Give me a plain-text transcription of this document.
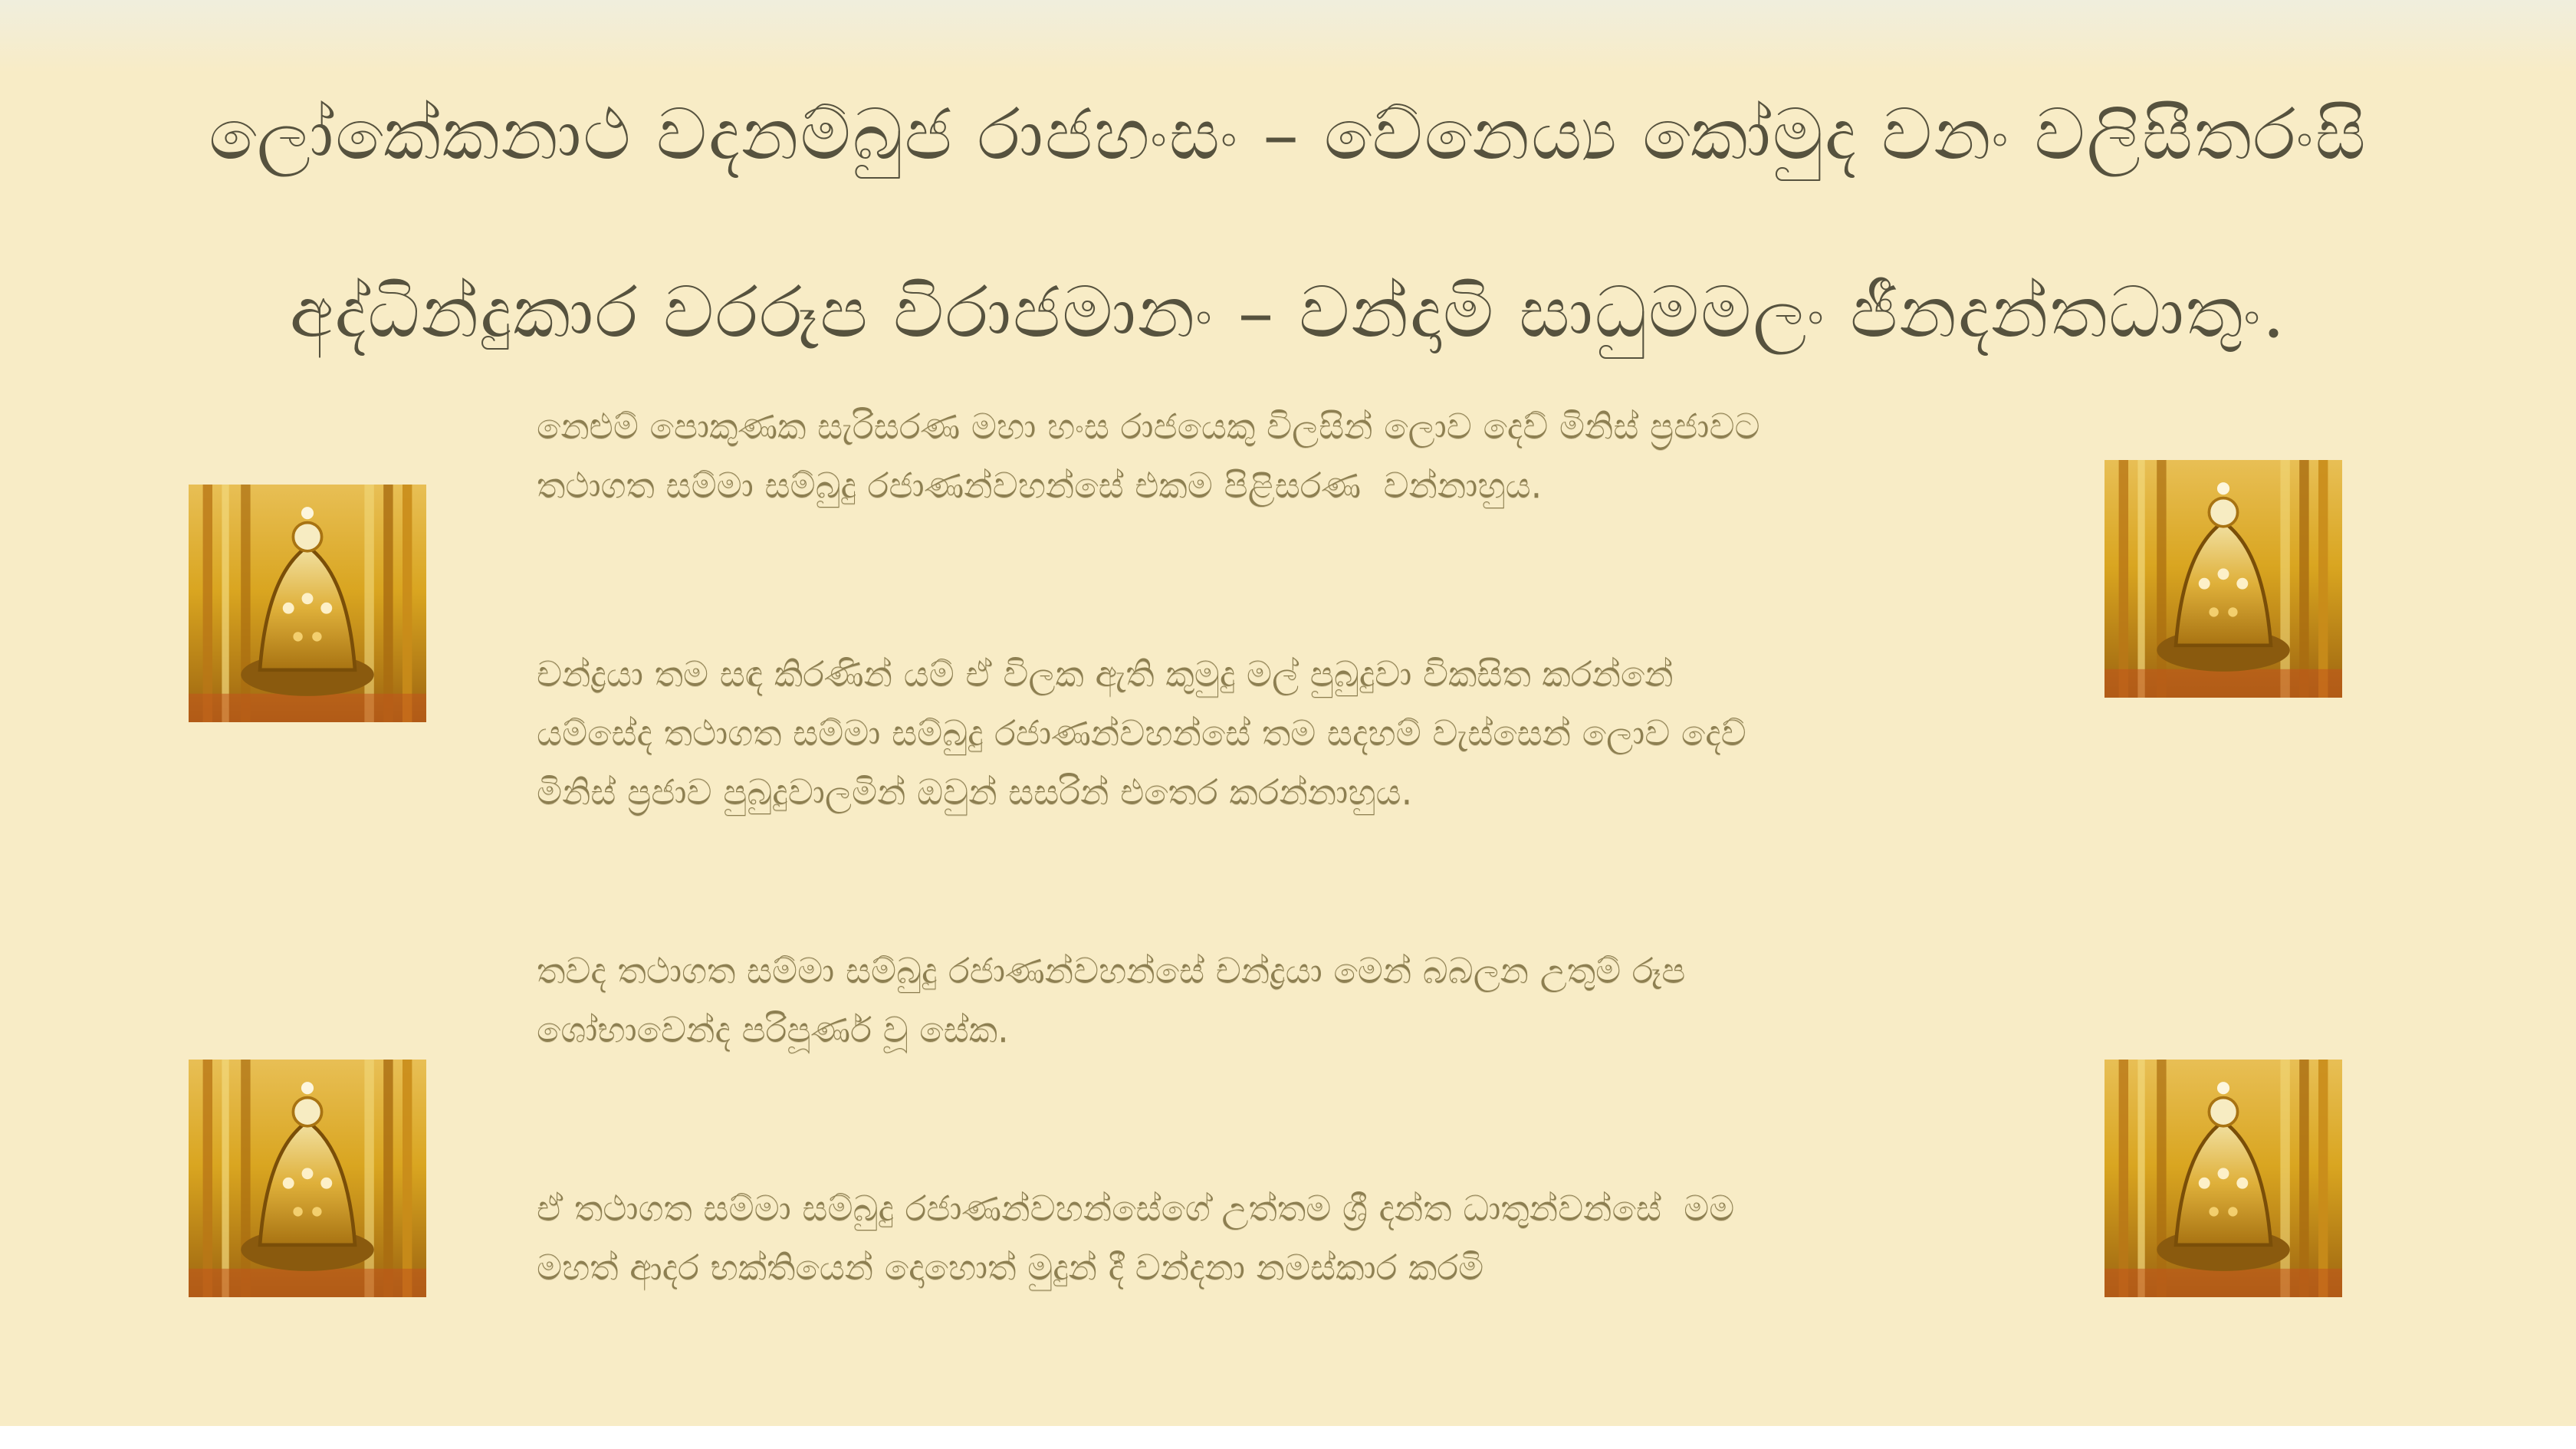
ලෝකේකනාථ වදනම්බුජ රාජහංසං – වේනෙය්‍ය කෝමුද වනං වලිසීතරංසි
අද්ධින්දුකාර වරරූප විරාජමානං – වන්දාමි සාධුමමලං ජීනදන්තධාතුං.
නෙළුම් පොකුණක සැරිසරණ මහා හංස රාජයෙකු විලසින් ලොව දෙව් මිනිස් ප්‍රජාවට
තථාගත සම්මා සම්බුදු රජාණන්වහන්සේ එකම පිළිසරණ  වන්නාහුය.
චන්ද්‍රයා තම සඳ කිරණින් යම් ඒ විලක ඇති කුමුදු මල් පුබුදුවා විකසිත කරන්නේ
යම්සේද තථාගත සම්මා සම්බුදු රජාණන්වහන්සේ තම සදහම් වැස්සෙන් ලොව දෙව්
මිනිස් ප්‍රජාව පුබුදුවාලමින් ඔවුන් සසරින් එතෙර කරන්නාහුය.
තවද තථාගත සම්මා සම්බුදු රජාණන්වහන්සේ චන්ද්‍රයා මෙන් බබලන උතුම් රූප
ශෝභාවෙන්ද පරිපූර්ණ වූ සේක.
ඒ තථාගත සම්මා සම්බුදු රජාණන්වහන්සේගේ උත්තම ශ්‍රී දන්ත ධාතුන්වන්සේ  මම
මහත් ආදර භක්තියෙන් දොහොත් මුදුන් දී වන්දනා නමස්කාර කරමි
